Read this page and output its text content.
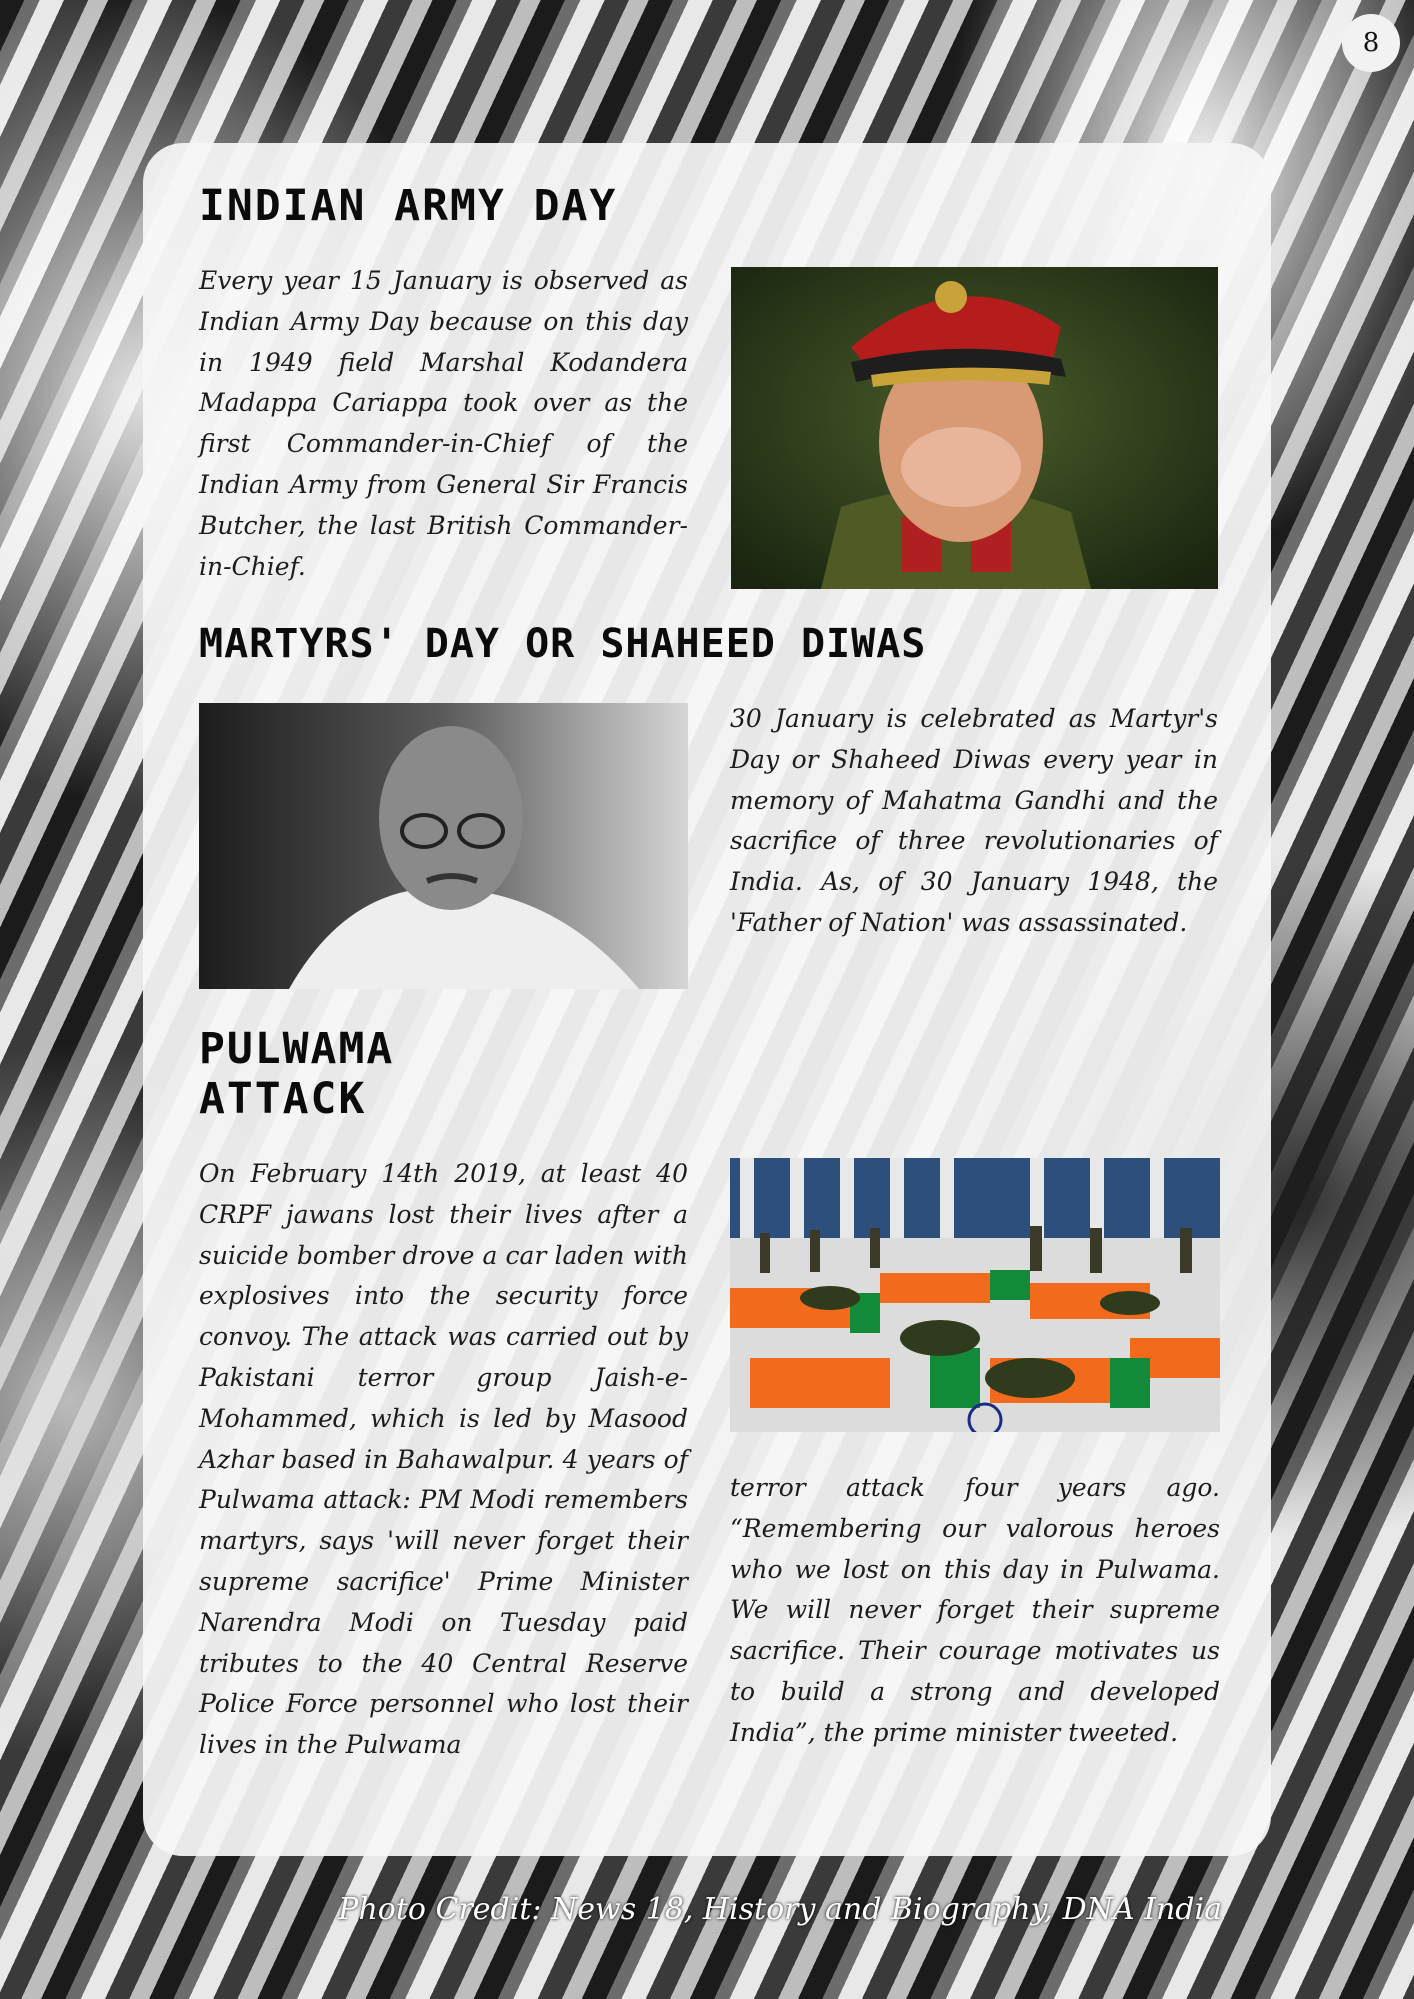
8
INDIAN ARMY DAY

Every year 15 January is observed as Indian Army Day because on this day in 1949 field Marshal Kodandera Madappa Cariappa took over as the first Commander-in-Chief of the Indian Army from General Sir Francis Butcher, the last British Commander-in-Chief.

MARTYRS' DAY OR SHAHEED DIWAS

30 January is celebrated as Martyr's Day or Shaheed Diwas every year in memory of Mahatma Gandhi and the sacrifice of three revolutionaries of India. As, of 30 January 1948, the 'Father of Nation' was assassinated.

PULWAMA
ATTACK

On February 14th 2019, at least 40 CRPF jawans lost their lives after a suicide bomber drove a car laden with explosives into the security force convoy. The attack was carried out by Pakistani terror group Jaish-e-Mohammed, which is led by Masood Azhar based in Bahawalpur. 4 years of Pulwama attack: PM Modi remembers martyrs, says 'will never forget their supreme sacrifice' Prime Minister Narendra Modi on Tuesday paid tributes to the 40 Central Reserve Police Force personnel who lost their lives in the Pulwama

terror attack four years ago. “Remembering our valorous heroes who we lost on this day in Pulwama. We will never forget their supreme sacrifice. Their courage motivates us to build a strong and developed India”, the prime minister tweeted.

Photo Credit: News 18, History and Biography, DNA India
